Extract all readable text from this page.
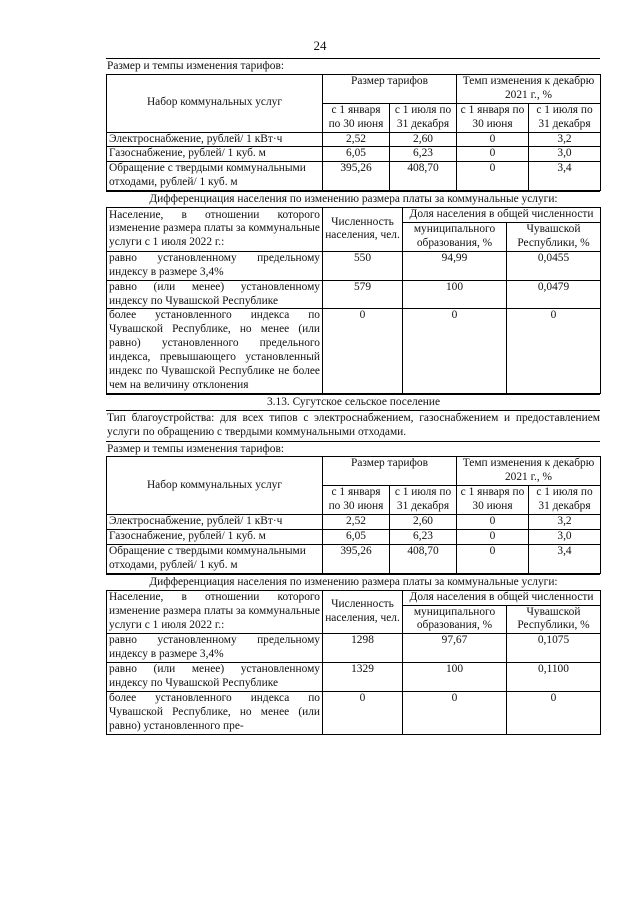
24
Размер и темпы изменения тарифов:
Набор коммунальных услуг	Размер тарифов		Темп изменения к декабрю 2021 г., %	
	с 1 января по 30 июня	с 1 июля по 31 декабря	с 1 января по 30 июня	с 1 июля по 31 декабря
Электроснабжение, рублей/ 1 кВт·ч	2,52	2,60	0	3,2
Газоснабжение, рублей/ 1 куб. м	6,05	6,23	0	3,0
Обращение с твердыми коммунальными отходами, рублей/ 1 куб. м	395,26	408,70	0	3,4
Дифференциация населения по изменению размера платы за коммунальные услуги:
Население, в отношении которого изменение размера платы за коммунальные услуги с 1 июля 2022 г.:	Численность населения, чел.	Доля населения в общей численности	
		муниципального образования, %	Чувашской Республики, %
равно установленному предельному индексу в размере 3,4%	550	94,99	0,0455
равно (или менее) установленному индексу по Чувашской Республике	579	100	0,0479
более установленного индекса по Чувашской Республике, но менее (или равно) установленного предельного индекса, превышающего установленный индекс по Чувашской Республике не более чем на величину отклонения	0	0	0
3.13. Сугутское сельское поселение
Тип благоустройства: для всех типов с электроснабжением, газоснабжением и предоставлением услуги по обращению с твердыми коммунальными отходами.
Размер и темпы изменения тарифов:
Набор коммунальных услуг	Размер тарифов		Темп изменения к декабрю 2021 г., %	
	с 1 января по 30 июня	с 1 июля по 31 декабря	с 1 января по 30 июня	с 1 июля по 31 декабря
Электроснабжение, рублей/ 1 кВт·ч	2,52	2,60	0	3,2
Газоснабжение, рублей/ 1 куб. м	6,05	6,23	0	3,0
Обращение с твердыми коммунальными отходами, рублей/ 1 куб. м	395,26	408,70	0	3,4
Дифференциация населения по изменению размера платы за коммунальные услуги:
Население, в отношении которого изменение размера платы за коммунальные услуги с 1 июля 2022 г.:	Численность населения, чел.	Доля населения в общей численности	
		муниципального образования, %	Чувашской Республики, %
равно установленному предельному индексу в размере 3,4%	1298	97,67	0,1075
равно (или менее) установленному индексу по Чувашской Республике	1329	100	0,1100
более установленного индекса по Чувашской Республике, но менее (или равно) установленного пре-	0	0	0
